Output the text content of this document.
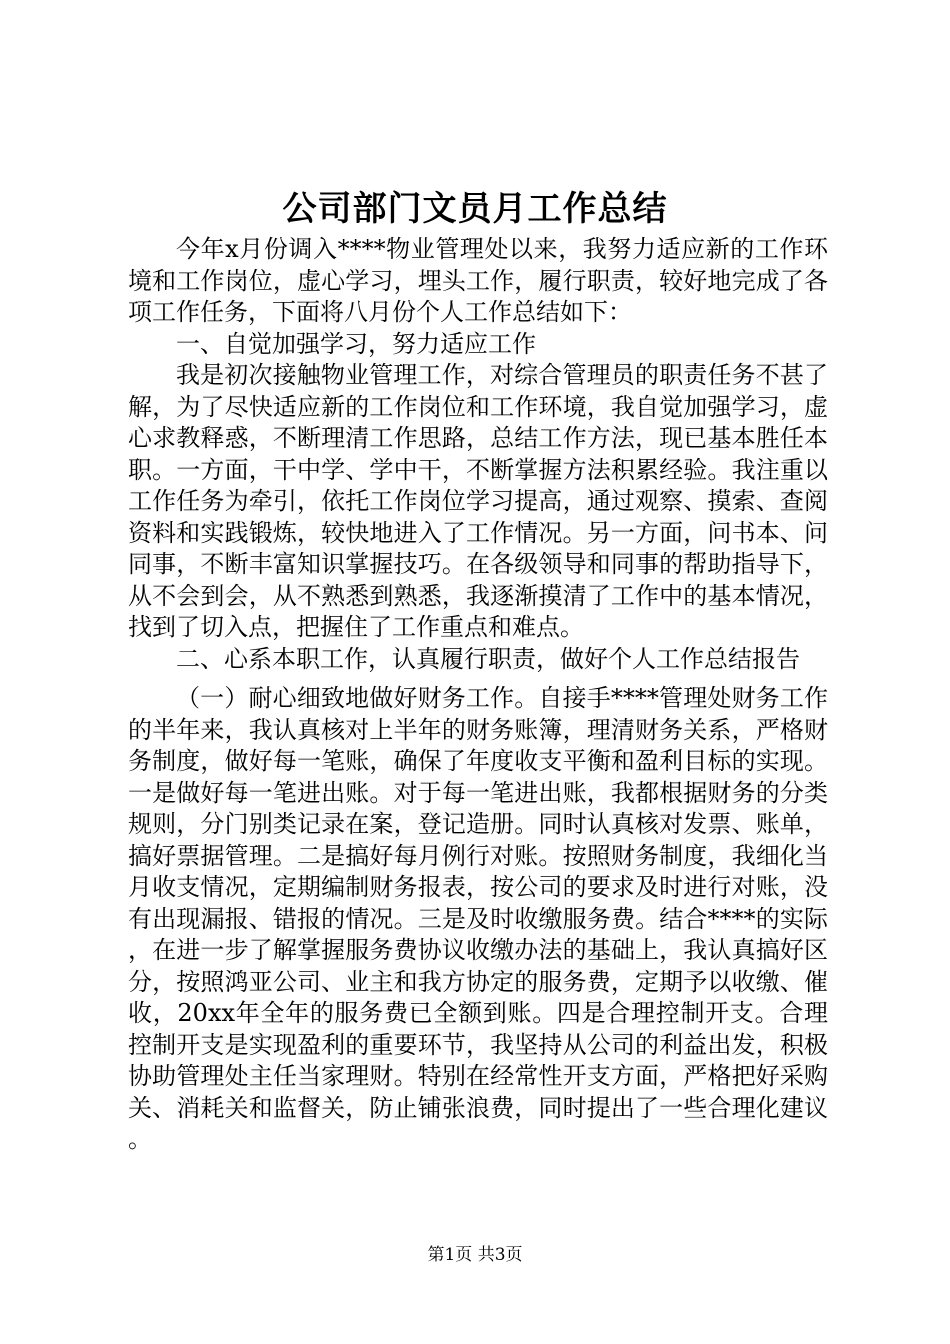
公司部门文员月工作总结

今年x月份调入****物业管理处以来，我努力适应新的工作环境和工作岗位，虚心学习，埋头工作，履行职责，较好地完成了各项工作任务，下面将八月份个人工作总结如下：

一、自觉加强学习，努力适应工作

我是初次接触物业管理工作，对综合管理员的职责任务不甚了解，为了尽快适应新的工作岗位和工作环境，我自觉加强学习，虚心求教释惑，不断理清工作思路，总结工作方法，现已基本胜任本职。一方面，干中学、学中干，不断掌握方法积累经验。我注重以工作任务为牵引，依托工作岗位学习提高，通过观察、摸索、查阅资料和实践锻炼，较快地进入了工作情况。另一方面，问书本、问同事，不断丰富知识掌握技巧。在各级领导和同事的帮助指导下，从不会到会，从不熟悉到熟悉，我逐渐摸清了工作中的基本情况，找到了切入点，把握住了工作重点和难点。

二、心系本职工作，认真履行职责，做好个人工作总结报告

（一）耐心细致地做好财务工作。自接手****管理处财务工作的半年来，我认真核对上半年的财务账簿，理清财务关系，严格财务制度，做好每一笔账，确保了年度收支平衡和盈利目标的实现。一是做好每一笔进出账。对于每一笔进出账，我都根据财务的分类规则，分门别类记录在案，登记造册。同时认真核对发票、账单，搞好票据管理。二是搞好每月例行对账。按照财务制度，我细化当月收支情况，定期编制财务报表，按公司的要求及时进行对账，没有出现漏报、错报的情况。三是及时收缴服务费。结合****的实际，在进一步了解掌握服务费协议收缴办法的基础上，我认真搞好区分，按照鸿亚公司、业主和我方协定的服务费，定期予以收缴、催收，20xx年全年的服务费已全额到账。四是合理控制开支。合理控制开支是实现盈利的重要环节，我坚持从公司的利益出发，积极协助管理处主任当家理财。特别在经常性开支方面，严格把好采购关、消耗关和监督关，防止铺张浪费，同时提出了一些合理化建议。

第1页 共3页
